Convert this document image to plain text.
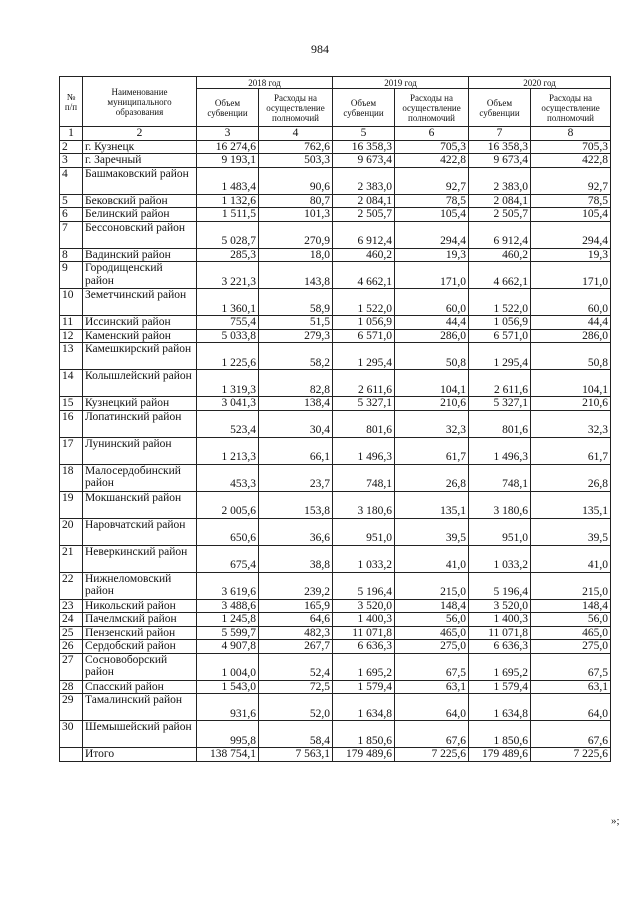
984
№ п/п	Наименование муниципального образования	2018 год		2019 год		2020 год	
		Объем субвенции	Расходы на осуществление полномочий	Объем субвенции	Расходы на осуществление полномочий	Объем субвенции	Расходы на осуществление полномочий
1	2	3	4	5	6	7	8
2	г. Кузнецк	16 274,6	762,6	16 358,3	705,3	16 358,3	705,3
3	г. Заречный	9 193,1	503,3	9 673,4	422,8	9 673,4	422,8
4	Башмаковский район	1 483,4	90,6	2 383,0	92,7	2 383,0	92,7
5	Бековский район	1 132,6	80,7	2 084,1	78,5	2 084,1	78,5
6	Белинский район	1 511,5	101,3	2 505,7	105,4	2 505,7	105,4
7	Бессоновский район	5 028,7	270,9	6 912,4	294,4	6 912,4	294,4
8	Вадинский район	285,3	18,0	460,2	19,3	460,2	19,3
9	Городищенский район	3 221,3	143,8	4 662,1	171,0	4 662,1	171,0
10	Земетчинский район	1 360,1	58,9	1 522,0	60,0	1 522,0	60,0
11	Иссинский район	755,4	51,5	1 056,9	44,4	1 056,9	44,4
12	Каменский район	5 033,8	279,3	6 571,0	286,0	6 571,0	286,0
13	Камешкирский район	1 225,6	58,2	1 295,4	50,8	1 295,4	50,8
14	Колышлейский район	1 319,3	82,8	2 611,6	104,1	2 611,6	104,1
15	Кузнецкий район	3 041,3	138,4	5 327,1	210,6	5 327,1	210,6
16	Лопатинский район	523,4	30,4	801,6	32,3	801,6	32,3
17	Лунинский район	1 213,3	66,1	1 496,3	61,7	1 496,3	61,7
18	Малосердобинский район	453,3	23,7	748,1	26,8	748,1	26,8
19	Мокшанский район	2 005,6	153,8	3 180,6	135,1	3 180,6	135,1
20	Наровчатский район	650,6	36,6	951,0	39,5	951,0	39,5
21	Неверкинский район	675,4	38,8	1 033,2	41,0	1 033,2	41,0
22	Нижнеломовский район	3 619,6	239,2	5 196,4	215,0	5 196,4	215,0
23	Никольский район	3 488,6	165,9	3 520,0	148,4	3 520,0	148,4
24	Пачелмский район	1 245,8	64,6	1 400,3	56,0	1 400,3	56,0
25	Пензенский район	5 599,7	482,3	11 071,8	465,0	11 071,8	465,0
26	Сердобский район	4 907,8	267,7	6 636,3	275,0	6 636,3	275,0
27	Сосновоборский район	1 004,0	52,4	1 695,2	67,5	1 695,2	67,5
28	Спасский район	1 543,0	72,5	1 579,4	63,1	1 579,4	63,1
29	Тамалинский район	931,6	52,0	1 634,8	64,0	1 634,8	64,0
30	Шемышейский район	995,8	58,4	1 850,6	67,6	1 850,6	67,6
	Итого	138 754,1	7 563,1	179 489,6	7 225,6	179 489,6	7 225,6
»;
